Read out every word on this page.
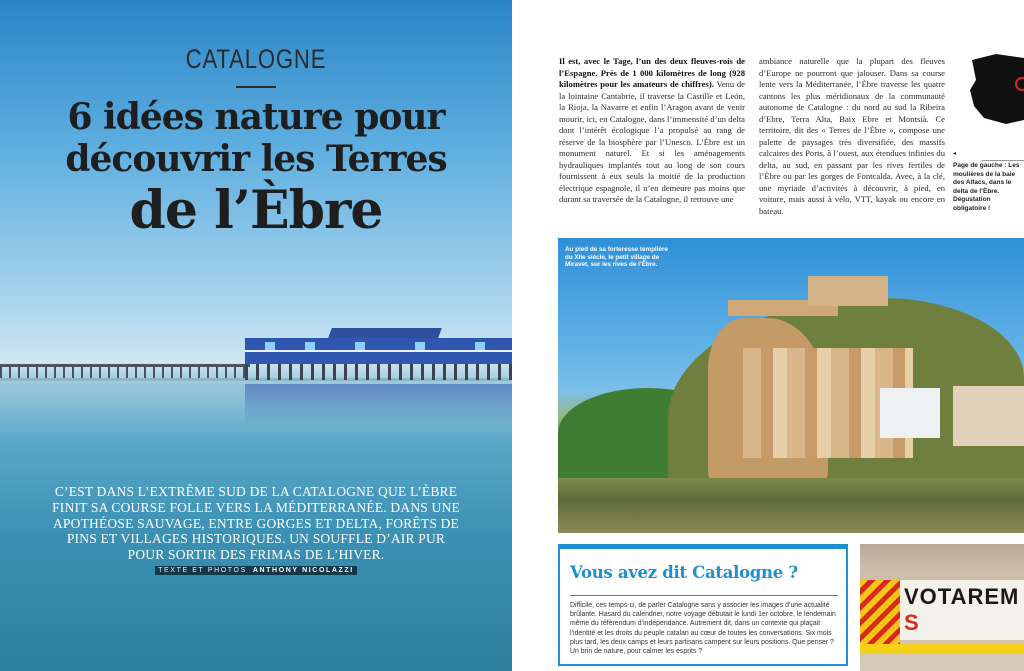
CATALOGNE
6 idées nature pour
découvrir les Terres
de l’Èbre
C’EST DANS L’EXTRÊME SUD DE LA CATALOGNE QUE L’ÈBRE FINIT SA COURSE FOLLE VERS LA MÉDITERRANÉE. DANS UNE APOTHÉOSE SAUVAGE, ENTRE GORGES ET DELTA, FORÊTS DE PINS ET VILLAGES HISTORIQUES. UN SOUFFLE D’AIR PUR POUR SORTIR DES FRIMAS DE L’HIVER.
TEXTE ET PHOTOS ANTHONY NICOLAZZI
Il est, avec le Tage, l’un des deux fleuves-rois de l’Espagne. Près de 1 000 kilomètres de long (928 kilomètres pour les amateurs de chiffres). Venu de la lointaine Cantabrie, il traverse la Castille et León, la Rioja, la Navarre et enfin l’Aragon avant de venir mourir, ici, en Catalogne, dans l’immensité d’un delta dont l’intérêt écologique l’a propulsé au rang de réserve de la biosphère par l’Unesco. L’Èbre est un monument naturel. Et si les aménagements hydrauliques implantés tout au long de son cours fournissent à eux seuls la moitié de la production électrique espagnole, il n’en demeure pas moins que durant sa traversée de la Catalogne, il retrouve une
ambiance naturelle que la plupart des fleuves d’Europe ne pourront que jalouser. Dans sa course lente vers la Méditerranée, l’Èbre traverse les quatre cantons les plus méridionaux de la communauté autonome de Catalogne : du nord au sud la Ribeira d’Ebre, Terra Alta, Baix Ebre et Montsià. Ce territoire, dit des « Terres de l’Èbre », compose une palette de paysages très diversifiée, des massifs calcaires des Ports, à l’ouest, aux étendues infinies du delta, au sud, en passant par les rives fertiles de l’Èbre ou par les gorges de Fontcalda. Avec, à la clé, une myriade d’activités à découvrir, à pied, en voiture, mais aussi à vélo, VTT, kayak ou encore en bateau.
◂
Page de gauche : Les moulières de la baie des Alfacs, dans le delta de l’Èbre. Dégustation obligatoire !
Au pied de sa forteresse templière du XIIe siècle, le petit village de Miravet, sur les rives de l’Èbre.
Vous avez dit Catalogne ?

Difficile, ces temps-ci, de parler Catalogne sans y associer les images d’une actualité brûlante. Hasard du calendrier, notre voyage débutait le lundi 1er octobre, le lendemain même du référendum d’indépendance. Autrement dit, dans un contexte qui plaçait l’identité et les droits du peuple catalan au cœur de toutes les conversations. Six mois plus tard, les deux camps et leurs partisans campent sur leurs positions. Que penser ? Un brin de nature, pour calmer les esprits ?

VOTAREM S
